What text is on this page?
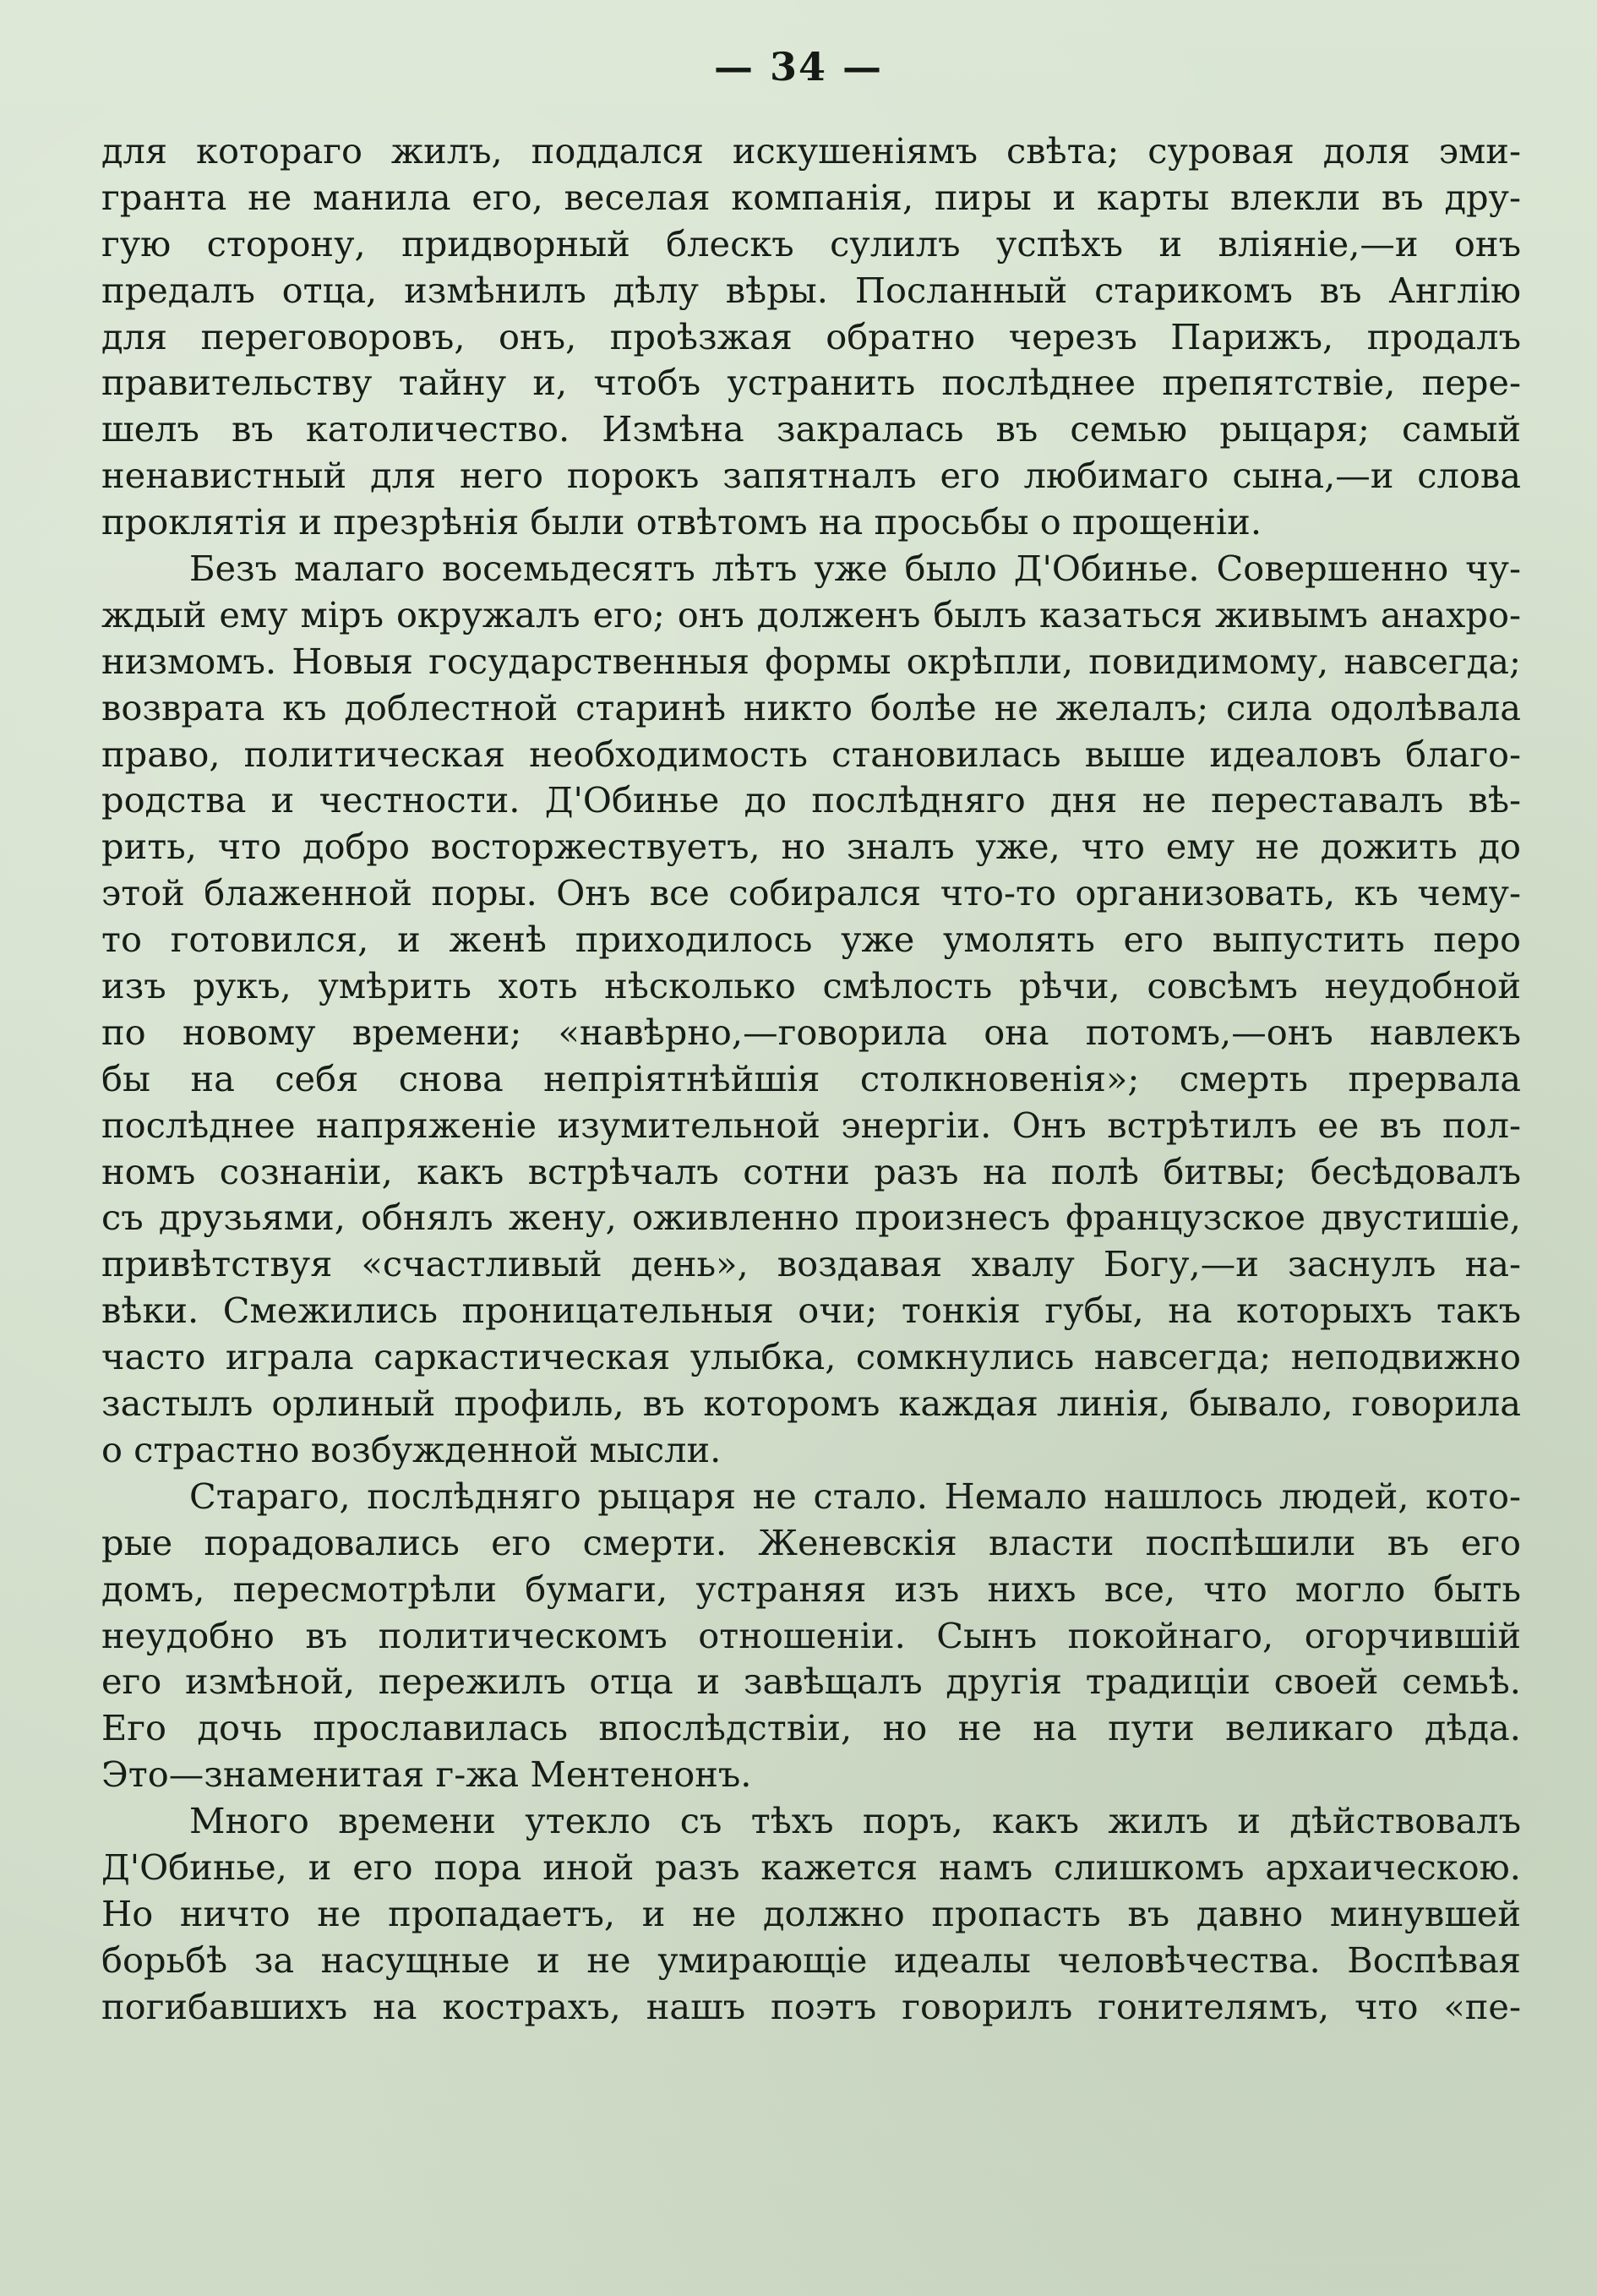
— 34 —
для котораго жилъ, поддался искушеніямъ свѣта; суровая доля эми-
гранта не манила его, веселая компанія, пиры и карты влекли въ дру-
гую сторону, придворный блескъ сулилъ успѣхъ и вліяніе,—и онъ
предалъ отца, измѣнилъ дѣлу вѣры. Посланный старикомъ въ Англію
для переговоровъ, онъ, проѣзжая обратно черезъ Парижъ, продалъ
правительству тайну и, чтобъ устранить послѣднее препятствіе, пере-
шелъ въ католичество. Измѣна закралась въ семью рыцаря; самый
ненавистный для него порокъ запятналъ его любимаго сына,—и слова
проклятія и презрѣнія были отвѣтомъ на просьбы о прощеніи.
Безъ малаго восемьдесятъ лѣтъ уже было Д'Обинье. Совершенно чу-
ждый ему міръ окружалъ его; онъ долженъ былъ казаться живымъ анахро-
низмомъ. Новыя государственныя формы окрѣпли, повидимому, навсегда;
возврата къ доблестной старинѣ никто болѣе не желалъ; сила одолѣвала
право, политическая необходимость становилась выше идеаловъ благо-
родства и честности. Д'Обинье до послѣдняго дня не переставалъ вѣ-
рить, что добро восторжествуетъ, но зналъ уже, что ему не дожить до
этой блаженной поры. Онъ все собирался что-то организовать, къ чему-
то готовился, и женѣ приходилось уже умолять его выпустить перо
изъ рукъ, умѣрить хоть нѣсколько смѣлость рѣчи, совсѣмъ неудобной
по новому времени; «навѣрно,—говорила она потомъ,—онъ навлекъ
бы на себя снова непріятнѣйшія столкновенія»; смерть прервала
послѣднее напряженіе изумительной энергіи. Онъ встрѣтилъ ее въ пол-
номъ сознаніи, какъ встрѣчалъ сотни разъ на полѣ битвы; бесѣдовалъ
съ друзьями, обнялъ жену, оживленно произнесъ французское двустишіе,
привѣтствуя «счастливый день», воздавая хвалу Богу,—и заснулъ на-
вѣки. Смежились проницательныя очи; тонкія губы, на которыхъ такъ
часто играла саркастическая улыбка, сомкнулись навсегда; неподвижно
застылъ орлиный профиль, въ которомъ каждая линія, бывало, говорила
о страстно возбужденной мысли.
Стараго, послѣдняго рыцаря не стало. Немало нашлось людей, кото-
рые порадовались его смерти. Женевскія власти поспѣшили въ его
домъ, пересмотрѣли бумаги, устраняя изъ нихъ все, что могло быть
неудобно въ политическомъ отношеніи. Сынъ покойнаго, огорчившій
его измѣной, пережилъ отца и завѣщалъ другія традиціи своей семьѣ.
Его дочь прославилась впослѣдствіи, но не на пути великаго дѣда.
Это—знаменитая г-жа Ментенонъ.
Много времени утекло съ тѣхъ поръ, какъ жилъ и дѣйствовалъ
Д'Обинье, и его пора иной разъ кажется намъ слишкомъ архаическою.
Но ничто не пропадаетъ, и не должно пропасть въ давно минувшей
борьбѣ за насущные и не умирающіе идеалы человѣчества. Воспѣвая
погибавшихъ на кострахъ, нашъ поэтъ говорилъ гонителямъ, что «пе-
